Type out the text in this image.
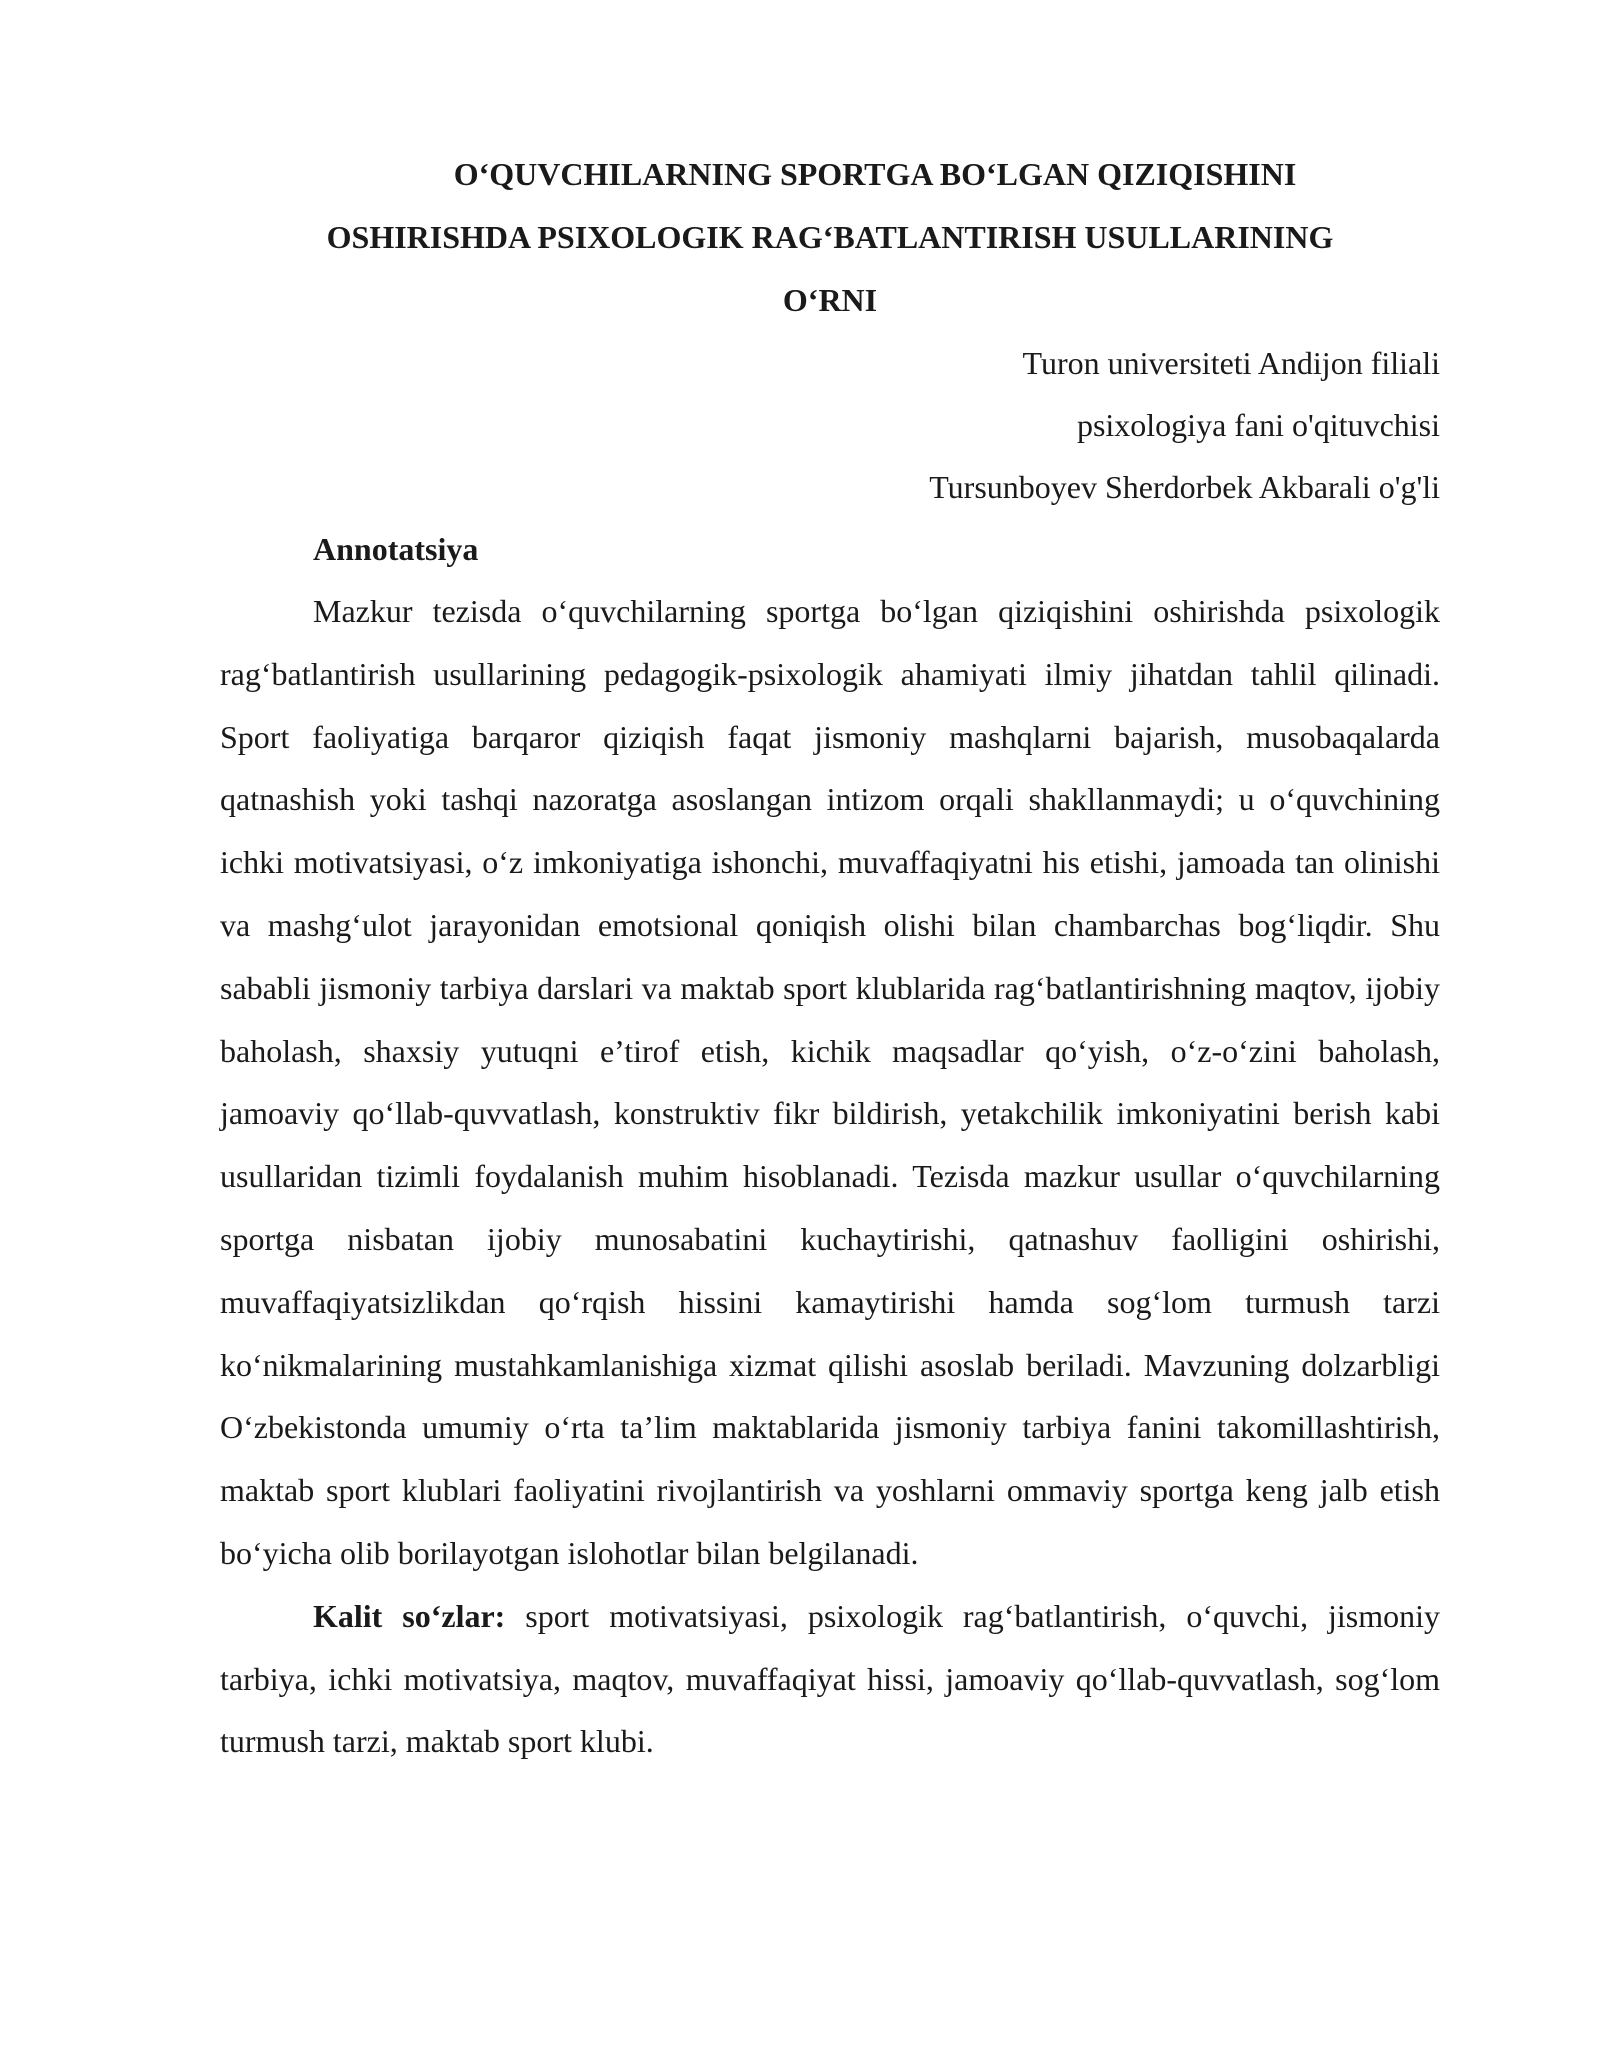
O‘QUVCHILARNING SPORTGA BO‘LGAN QIZIQISHINI
OSHIRISHDA PSIXOLOGIK RAG‘BATLANTIRISH USULLARINING
O‘RNI
Turon universiteti Andijon filiali
psixologiya fani o'qituvchisi
Tursunboyev Sherdorbek Akbarali o'g'li
Annotatsiya

Mazkur tezisda o‘quvchilarning sportga bo‘lgan qiziqishini oshirishda psixologik rag‘batlantirish usullarining pedagogik-psixologik ahamiyati ilmiy jihatdan tahlil qilinadi. Sport faoliyatiga barqaror qiziqish faqat jismoniy mashqlarni bajarish, musobaqalarda qatnashish yoki tashqi nazoratga asoslangan intizom orqali shakllanmaydi; u o‘quvchining ichki motivatsiyasi, o‘z imkoniyatiga ishonchi, muvaffaqiyatni his etishi, jamoada tan olinishi va mashg‘ulot jarayonidan emotsional qoniqish olishi bilan chambarchas bog‘liqdir. Shu sababli jismoniy tarbiya darslari va maktab sport klublarida rag‘batlantirishning maqtov, ijobiy baholash, shaxsiy yutuqni e’tirof etish, kichik maqsadlar qo‘yish, o‘z-o‘zini baholash, jamoaviy qo‘llab-quvvatlash, konstruktiv fikr bildirish, yetakchilik imkoniyatini berish kabi usullaridan tizimli foydalanish muhim hisoblanadi. Tezisda mazkur usullar o‘quvchilarning sportga nisbatan ijobiy munosabatini kuchaytirishi, qatnashuv faolligini oshirishi, muvaffaqiyatsizlikdan qo‘rqish hissini kamaytirishi hamda sog‘lom turmush tarzi ko‘nikmalarining mustahkamlanishiga xizmat qilishi asoslab beriladi. Mavzuning dolzarbligi O‘zbekistonda umumiy o‘rta ta’lim maktablarida jismoniy tarbiya fanini takomillashtirish, maktab sport klublari faoliyatini rivojlantirish va yoshlarni ommaviy sportga keng jalb etish bo‘yicha olib borilayotgan islohotlar bilan belgilanadi.

Kalit so‘zlar: sport motivatsiyasi, psixologik rag‘batlantirish, o‘quvchi, jismoniy tarbiya, ichki motivatsiya, maqtov, muvaffaqiyat hissi, jamoaviy qo‘llab-quvvatlash, sog‘lom turmush tarzi, maktab sport klubi.
